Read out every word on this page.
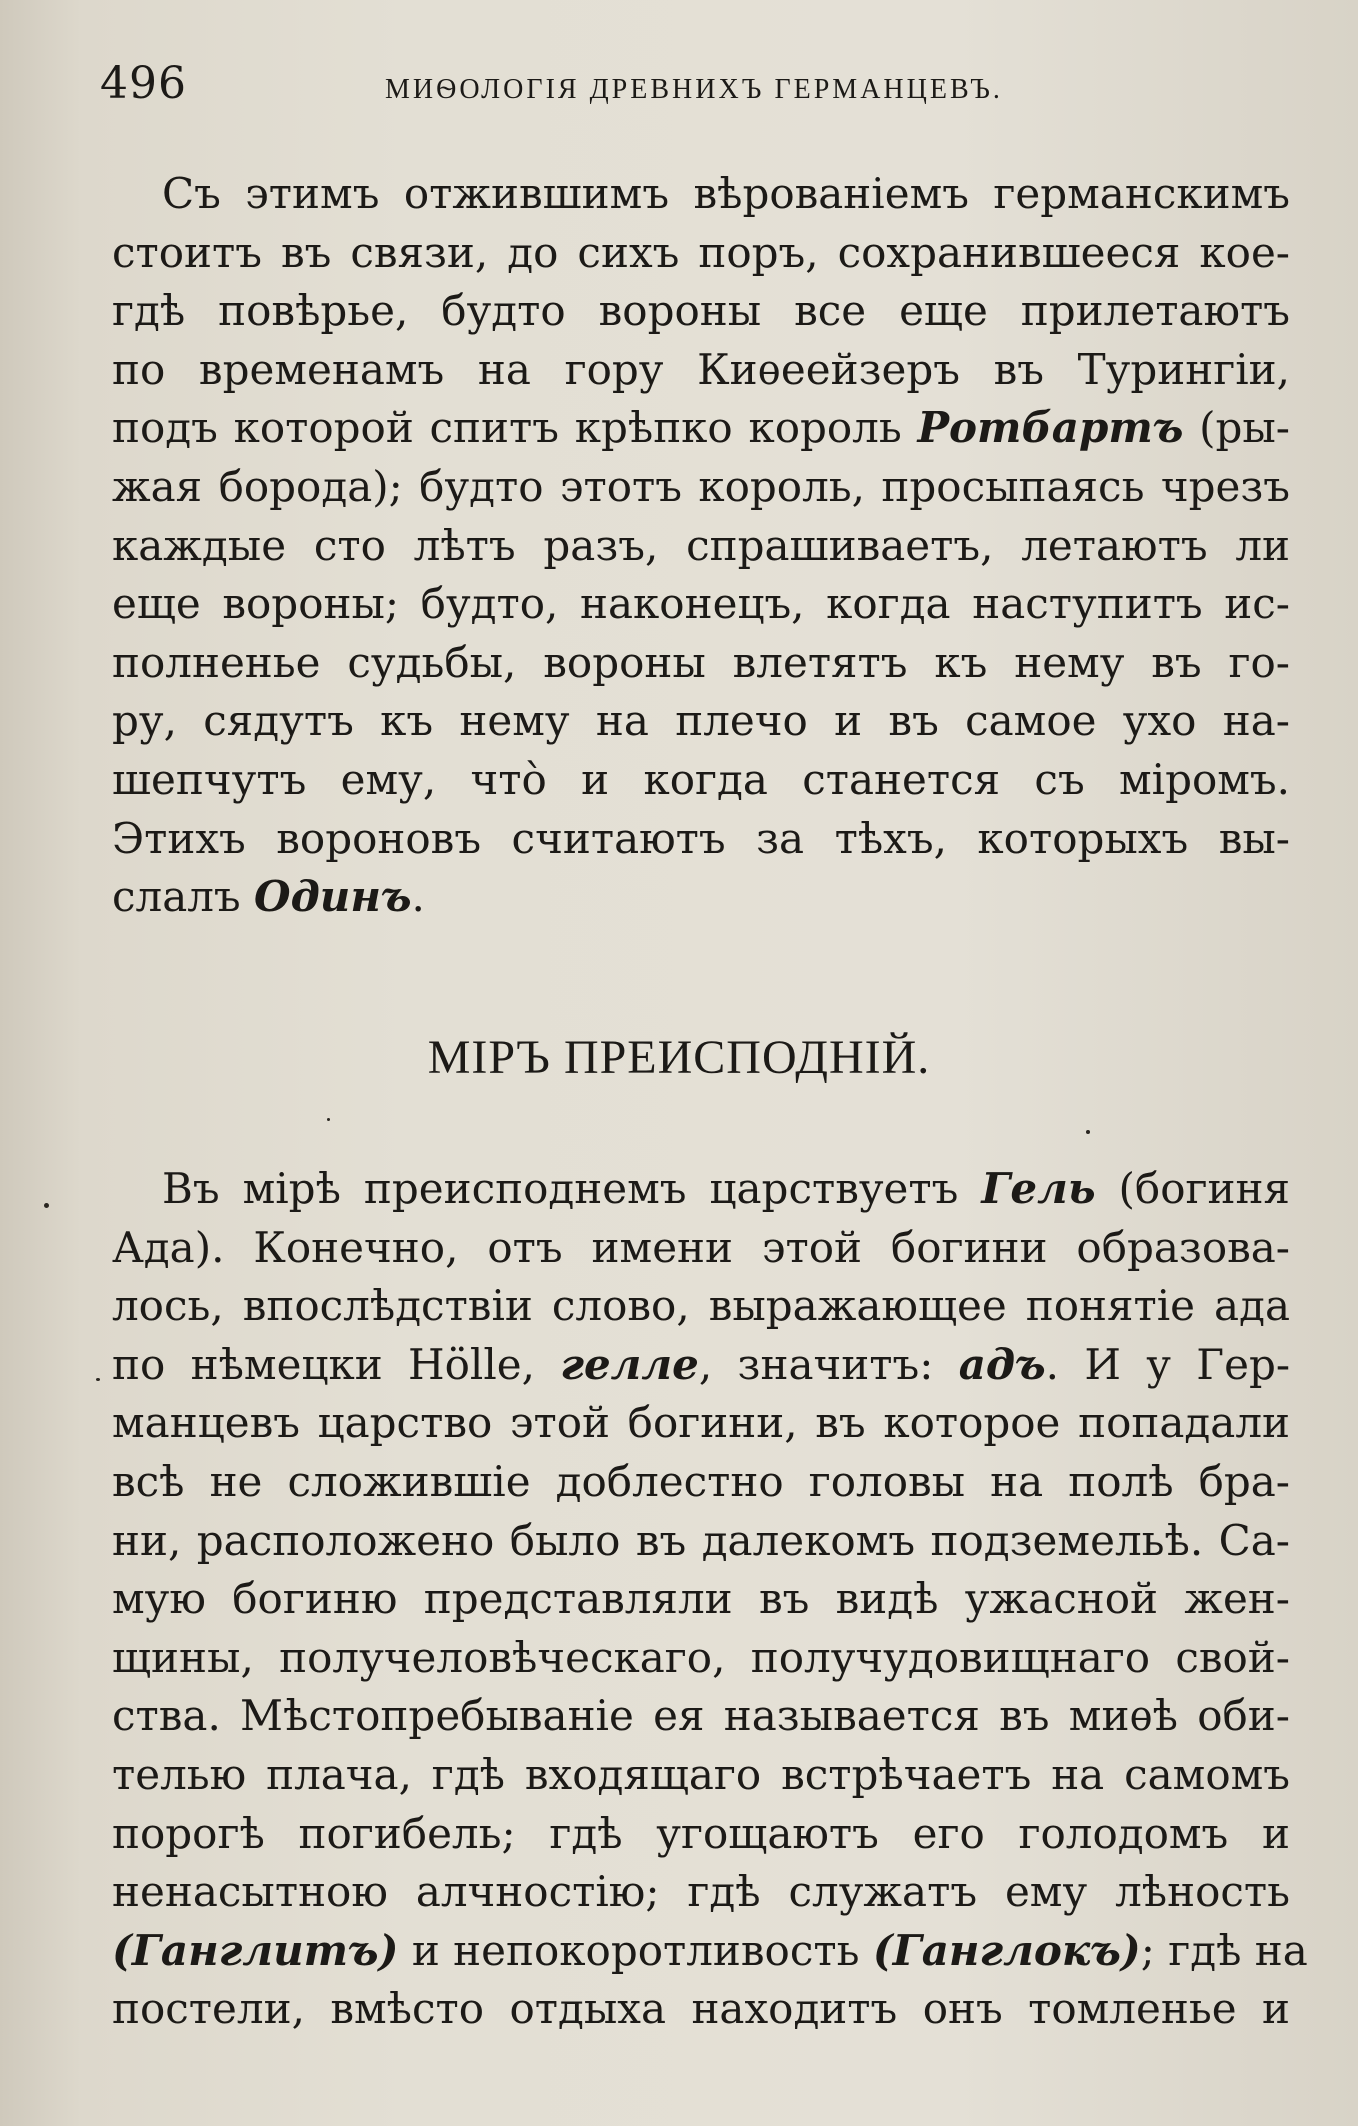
496	МИѲОЛОГІЯ ДРЕВНИХЪ ГЕРМАНЦЕВЪ.
Съ этимъ отжившимъ вѣрованіемъ германскимъ
стоитъ въ связи, до сихъ поръ, сохранившееся кое-
гдѣ повѣрье, будто вороны все еще прилетаютъ
по временамъ на гору Киѳеейзеръ въ Турингіи,
подъ которой спитъ крѣпко король Ротбартъ (ры-
жая борода); будто этотъ король, просыпаясь чрезъ
каждые сто лѣтъ разъ, спрашиваетъ, летаютъ ли
еще вороны; будто, наконецъ, когда наступитъ ис-
полненье судьбы, вороны влетятъ къ нему въ го-
ру, сядутъ къ нему на плечо и въ самое ухо на-
шепчутъ ему, что̀ и когда станется съ міромъ.
Этихъ вороновъ считаютъ за тѣхъ, которыхъ вы-
слалъ Одинъ.
МІРЪ ПРЕИСПОДНІЙ.
Въ мірѣ преисподнемъ царствуетъ Гель (богиня
Ада). Конечно, отъ имени этой богини образова-
лось, впослѣдствіи слово, выражающее понятіе ада
по нѣмецки Hölle, гелле, значитъ: адъ. И у Гер-
манцевъ царство этой богини, въ которое попадали
всѣ не сложившіе доблестно головы на полѣ бра-
ни, расположено было въ далекомъ подземельѣ. Са-
мую богиню представляли въ видѣ ужасной жен-
щины, получеловѣческаго, получудовищнаго свой-
ства. Мѣстопребываніе ея называется въ миѳѣ оби-
телью плача, гдѣ входящаго встрѣчаетъ на самомъ
порогѣ погибель; гдѣ угощаютъ его голодомъ и
ненасытною алчностію; гдѣ служатъ ему лѣность
(Ганглитъ) и непокоротливость (Ганглокъ); гдѣ на
постели, вмѣсто отдыха находитъ онъ томленье и
